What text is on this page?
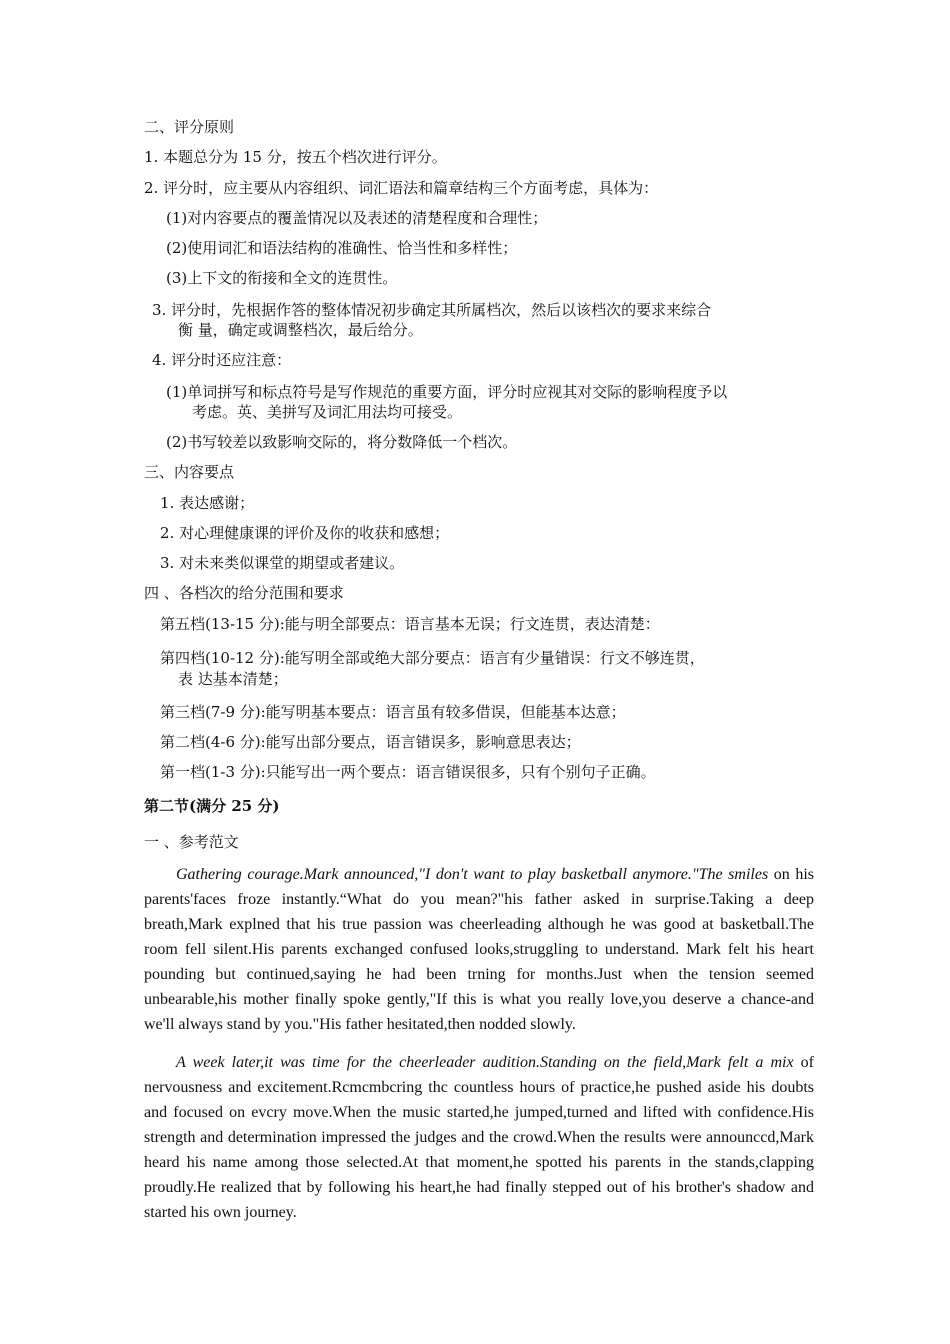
二、评分原则
1. 本题总分为 15 分，按五个档次进行评分。
2. 评分时，应主要从内容组织、词汇语法和篇章结构三个方面考虑，具体为：
(1)对内容要点的覆盖情况以及表述的清楚程度和合理性；
(2)使用词汇和语法结构的准确性、恰当性和多样性；
(3)上下文的衔接和全文的连贯性。
3. 评分时，先根据作答的整体情况初步确定其所属档次，然后以该档次的要求来综合
衡 量，确定或调整档次，最后给分。
4. 评分时还应注意：
(1)单词拼写和标点符号是写作规范的重要方面，评分时应视其对交际的影响程度予以
考虑。英、美拼写及词汇用法均可接受。
(2)书写较差以致影响交际的，将分数降低一个档次。
三、内容要点
1. 表达感谢；
2. 对心理健康课的评价及你的收获和感想；
3. 对未来类似课堂的期望或者建议。
四 、各档次的给分范围和要求
第五档(13-15 分):能与明全部要点：语言基本无误；行文连贯，表达清楚：
第四档(10-12 分):能写明全部或绝大部分要点：语言有少量错误：行文不够连贯，
表 达基本清楚；
第三档(7-9 分):能写明基本要点：语言虽有较多借误，但能基本达意；
第二档(4-6 分):能写出部分要点，语言错误多，影响意思表达；
第一档(1-3 分):只能写出一两个要点：语言错误很多，只有个别句子正确。
第二节(满分 25 分)
一 、参考范文
Gathering courage.Mark announced,"I don't want to play basketball anymore."The smiles on his parents'faces froze instantly.“What do you mean?"his father asked in surprise.Taking a deep breath,Mark explned that his true passion was cheerleading although he was good at basketball.The room fell silent.His parents exchanged confused looks,struggling to understand. Mark felt his heart pounding but continued,saying he had been trning for months.Just when the tension seemed unbearable,his mother finally spoke gently,"If this is what you really love,you deserve a chance-and we'll always stand by you."His father hesitated,then nodded slowly.
A week later,it was time for the cheerleader audition.Standing on the field,Mark felt a mix of nervousness and excitement.Rcmcmbcring thc countless hours of practice,he pushed aside his doubts and focused on evcry move.When the music started,he jumped,turned and lifted with confidence.His strength and determination impressed the judges and the crowd.When the results were announccd,Mark heard his name among those selected.At that moment,he spotted his parents in the stands,clapping proudly.He realized that by following his heart,he had finally stepped out of his brother's shadow and started his own journey.
